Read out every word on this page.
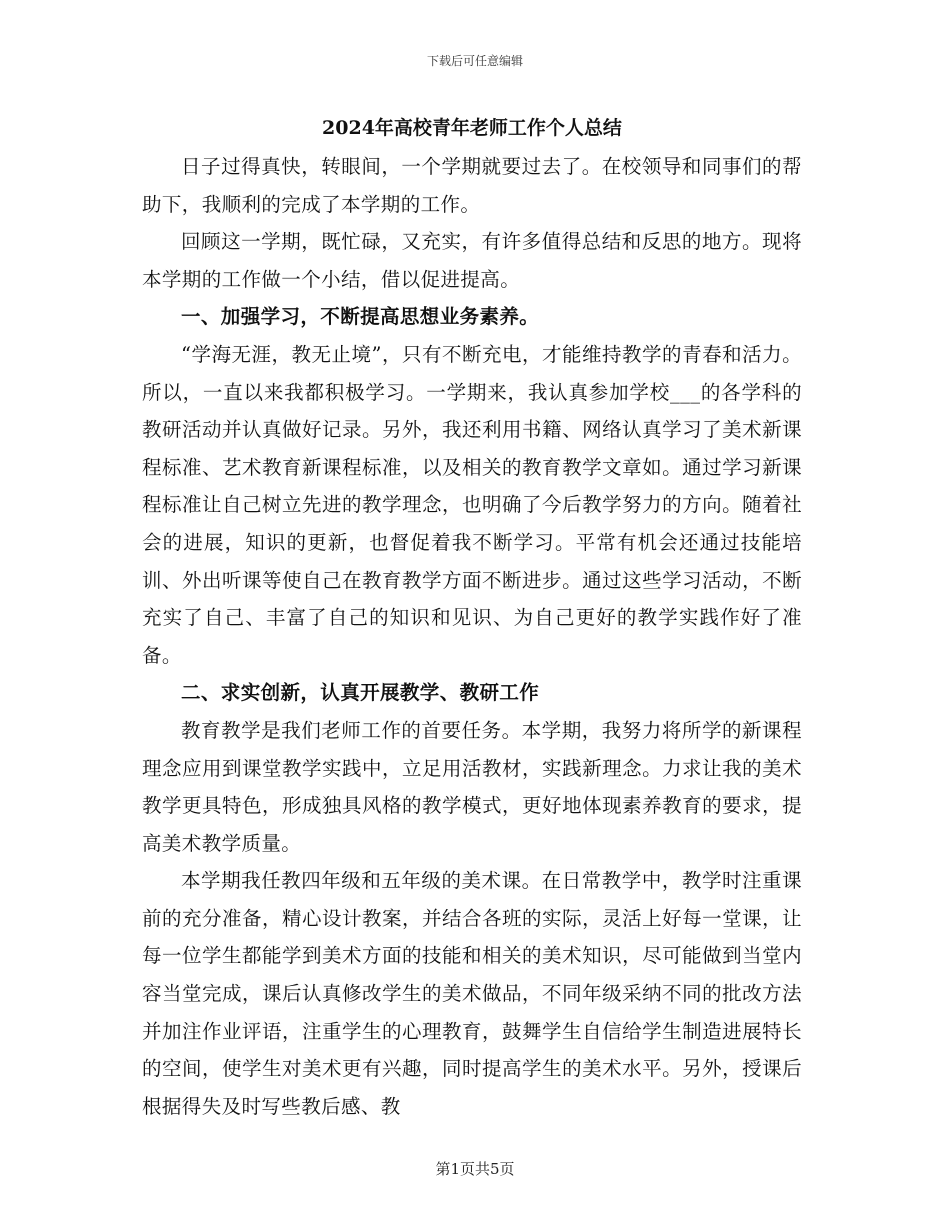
下载后可任意编辑
2024年高校青年老师工作个人总结

日子过得真快，转眼间，一个学期就要过去了。在校领导和同事们的帮助下，我顺利的完成了本学期的工作。

回顾这一学期，既忙碌，又充实，有许多值得总结和反思的地方。现将本学期的工作做一个小结，借以促进提高。

一、加强学习，不断提高思想业务素养。

“学海无涯，教无止境”，只有不断充电，才能维持教学的青春和活力。所以，一直以来我都积极学习。一学期来，我认真参加学校___的各学科的教研活动并认真做好记录。另外，我还利用书籍、网络认真学习了美术新课程标准、艺术教育新课程标准，以及相关的教育教学文章如。通过学习新课程标准让自己树立先进的教学理念，也明确了今后教学努力的方向。随着社会的进展，知识的更新，也督促着我不断学习。平常有机会还通过技能培训、外出听课等使自己在教育教学方面不断进步。通过这些学习活动，不断充实了自己、丰富了自己的知识和见识、为自己更好的教学实践作好了准备。

二、求实创新，认真开展教学、教研工作

教育教学是我们老师工作的首要任务。本学期，我努力将所学的新课程理念应用到课堂教学实践中，立足用活教材，实践新理念。力求让我的美术教学更具特色，形成独具风格的教学模式，更好地体现素养教育的要求，提高美术教学质量。

本学期我任教四年级和五年级的美术课。在日常教学中，教学时注重课前的充分准备，精心设计教案，并结合各班的实际，灵活上好每一堂课，让每一位学生都能学到美术方面的技能和相关的美术知识，尽可能做到当堂内容当堂完成，课后认真修改学生的美术做品，不同年级采纳不同的批改方法并加注作业评语，注重学生的心理教育，鼓舞学生自信给学生制造进展特长的空间，使学生对美术更有兴趣，同时提高学生的美术水平。另外，授课后根据得失及时写些教后感、教

第1页共5页
